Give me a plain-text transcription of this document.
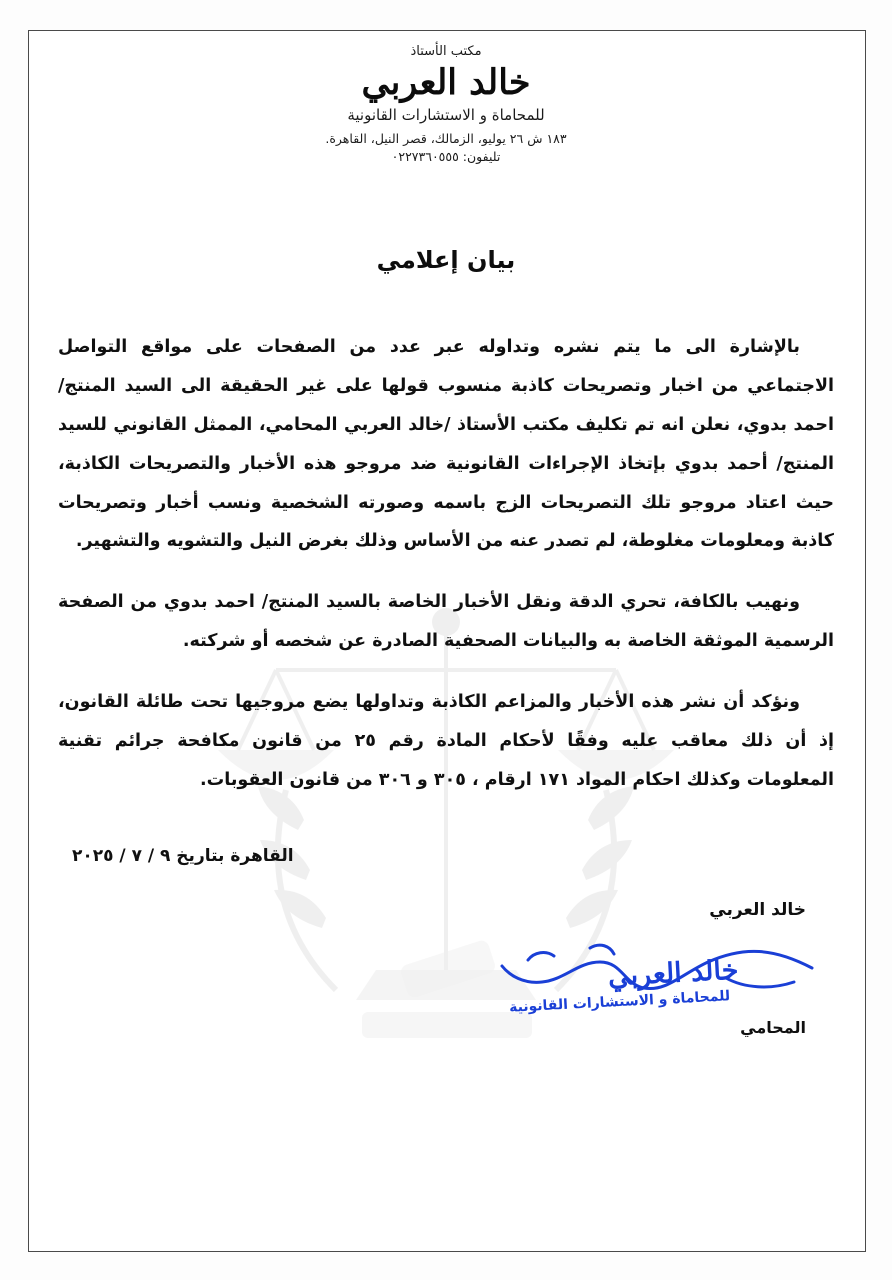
مكتب الأستاذ
خالد العربي
للمحاماة و الاستشارات القانونية
١٨٣ ش ٢٦ يوليو، الزمالك، قصر النيل، القاهرة.
تليفون: ٠٢٢٧٣٦٠٥٥٥
بيان إعلامي

بالإشارة الى ما يتم نشره وتداوله عبر عدد من الصفحات على مواقع التواصل الاجتماعي من اخبار وتصريحات كاذبة منسوب قولها على غير الحقيقة الى السيد المنتج/ احمد بدوي، نعلن انه تم تكليف مكتب الأستاذ /خالد العربي المحامي، الممثل القانوني للسيد المنتج/ أحمد بدوي بإتخاذ الإجراءات القانونية ضد مروجو هذه الأخبار والتصريحات الكاذبة، حيث اعتاد مروجو تلك التصريحات الزج باسمه وصورته الشخصية ونسب أخبار وتصريحات كاذبة ومعلومات مغلوطة، لم تصدر عنه من الأساس وذلك بغرض النيل والتشويه والتشهير.

ونهيب بالكافة، تحري الدقة ونقل الأخبار الخاصة بالسيد المنتج/ احمد بدوي من الصفحة الرسمية الموثقة الخاصة به والبيانات الصحفية الصادرة عن شخصه أو شركته.

ونؤكد أن نشر هذه الأخبار والمزاعم الكاذبة وتداولها يضع مروجيها تحت طائلة القانون، إذ أن ذلك معاقب عليه وفقًا لأحكام المادة رقم ٢٥ من قانون مكافحة جرائم تقنية المعلومات وكذلك احكام المواد ١٧١ ارقام ، ٣٠٥ و ٣٠٦ من قانون العقوبات.

القاهرة بتاريخ ٩ / ٧ / ٢٠٢٥
خالد العربي
خالد العربي
للمحاماة و الاستشارات القانونية
المحامي
